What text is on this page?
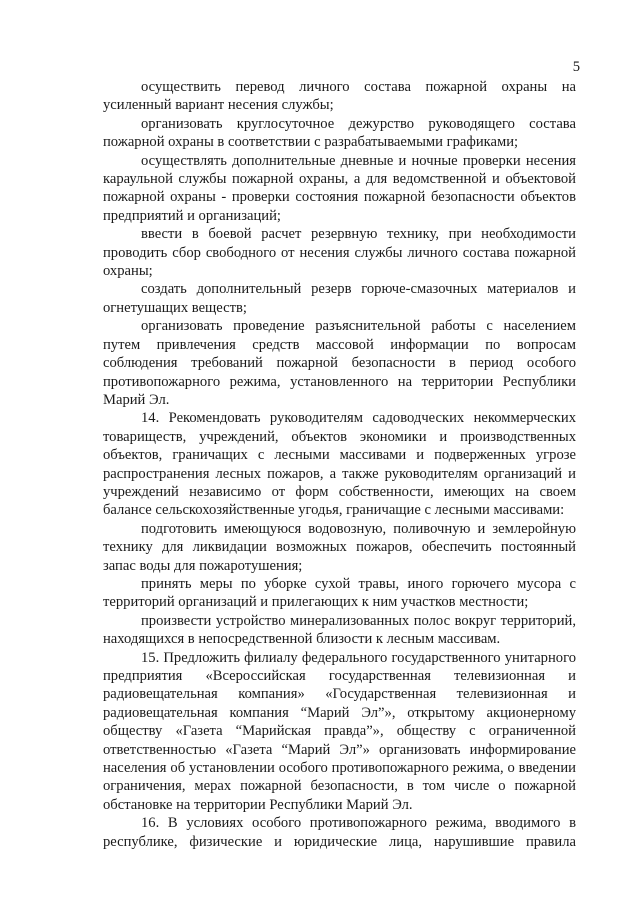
5

осуществить перевод личного состава пожарной охраны на усиленный вариант несения службы;

организовать круглосуточное дежурство руководящего состава пожарной охраны в соответствии с разрабатываемыми графиками;

осуществлять дополнительные дневные и ночные проверки несения караульной службы пожарной охраны, а для ведомственной и объектовой пожарной охраны - проверки состояния пожарной безопасности объектов предприятий и организаций;

ввести в боевой расчет резервную технику, при необходимости проводить сбор свободного от несения службы личного состава пожарной охраны;

создать дополнительный резерв горюче-смазочных материалов и огнетушащих веществ;

организовать проведение разъяснительной работы с населением путем привлечения средств массовой информации по вопросам соблюдения требований пожарной безопасности в период особого противопожарного режима, установленного на территории Республики Марий Эл.

14. Рекомендовать руководителям садоводческих некоммерческих товариществ, учреждений, объектов экономики и производственных объектов, граничащих с лесными массивами и подверженных угрозе распространения лесных пожаров, а также руководителям организаций и учреждений независимо от форм собственности, имеющих на своем балансе сельскохозяйственные угодья, граничащие с лесными массивами:

подготовить имеющуюся водовозную, поливочную и землеройную технику для ликвидации возможных пожаров, обеспечить постоянный запас воды для пожаротушения;

принять меры по уборке сухой травы, иного горючего мусора с территорий организаций и прилегающих к ним участков местности;

произвести устройство минерализованных полос вокруг территорий, находящихся в непосредственной близости к лесным массивам.

15. Предложить филиалу федерального государственного унитарного предприятия «Всероссийская государственная телевизионная и радиовещательная компания» «Государственная телевизионная и радиовещательная компания “Марий Эл”», открытому акционерному обществу «Газета “Марийская правда”», обществу с ограниченной ответственностью «Газета “Марий Эл”» организовать информирование населения об установлении особого противопожарного режима, о введении ограничения, мерах пожарной безопасности, в том числе о пожарной обстановке на территории Республики Марий Эл.

16. В условиях особого противопожарного режима, вводимого в республике, физические и юридические лица, нарушившие правила
